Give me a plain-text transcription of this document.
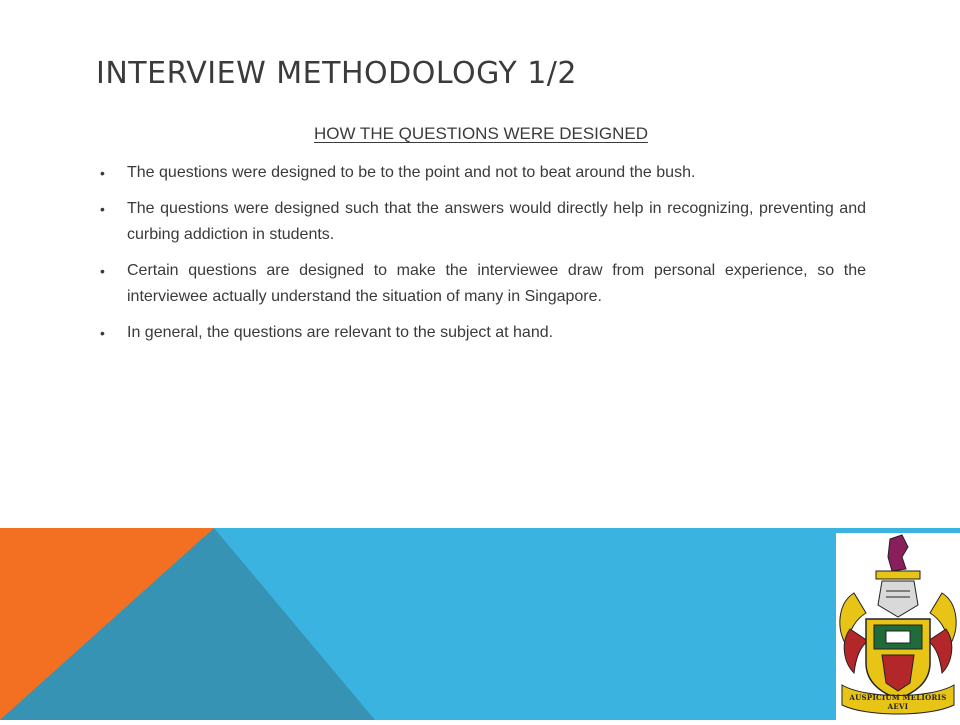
INTERVIEW METHODOLOGY 1/2

HOW THE QUESTIONS WERE DESIGNED

• The questions were designed to be to the point and not to beat around the bush.
• The questions were designed such that the answers would directly help in recognizing, preventing and curbing addiction in students.
• Certain questions are designed to make the interviewee draw from personal experience, so the interviewee actually understand the situation of many in Singapore.
• In general, the questions are relevant to the subject at hand.
AUSPICIUM MELIORIS AEVI
